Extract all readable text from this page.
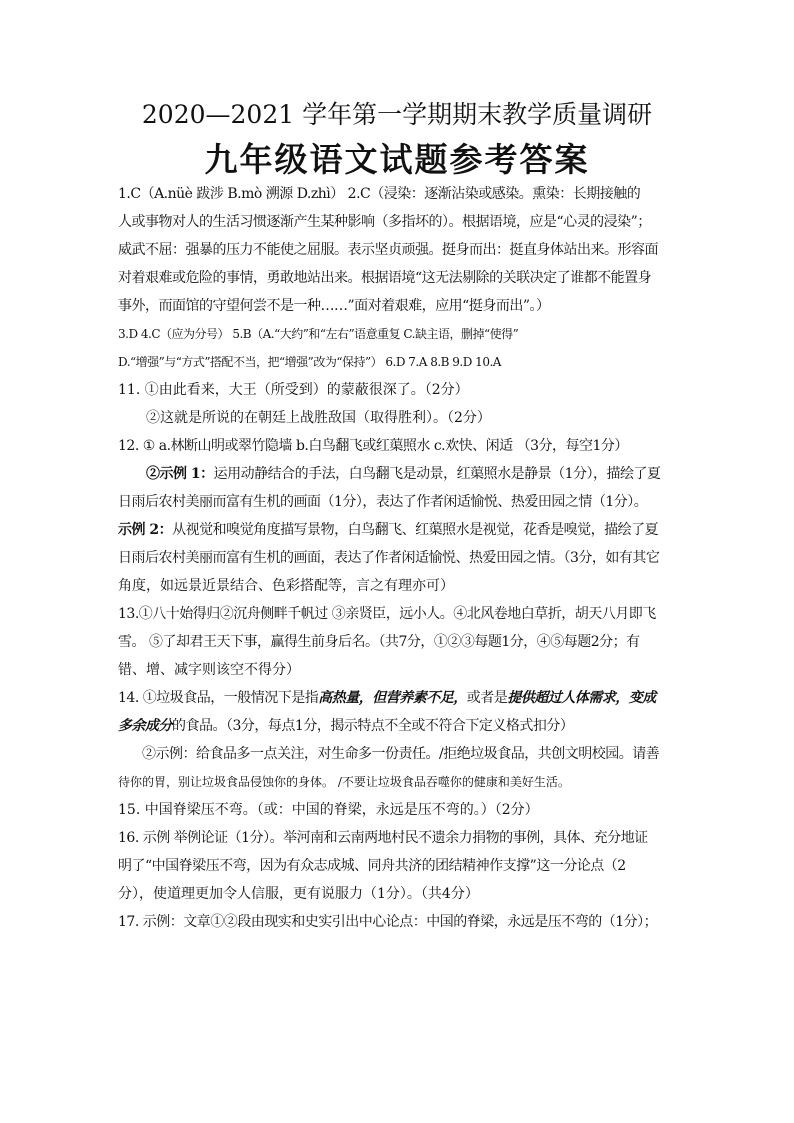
2020—2021 学年第一学期期末教学质量调研
九年级语文试题参考答案
1.C（A.nüè 跋涉 B.mò 溯源 D.zhì） 2.C（浸染：逐渐沾染或感染。熏染：长期接触的
人或事物对人的生活习惯逐渐产生某种影响（多指坏的）。根据语境，应是“心灵的浸染”；
威武不屈：强暴的压力不能使之屈服。表示坚贞顽强。挺身而出：挺直身体站出来。形容面
对着艰难或危险的事情，勇敢地站出来。根据语境“这无法剔除的关联决定了谁都不能置身
事外，而面馆的守望何尝不是一种……”面对着艰难，应用“挺身而出”。）
3.D 4.C（应为分号） 5.B（A.“大约”和“左右”语意重复 C.缺主语，删掉“使得”
D.“增强”与“方式”搭配不当，把“增强”改为“保持”） 6.D 7.A 8.B 9.D 10.A
11. ①由此看来，大王（所受到）的蒙蔽很深了。（2分）
②这就是所说的在朝廷上战胜敌国（取得胜利）。（2分）
12. ① a.林断山明或翠竹隐墙 b.白鸟翻飞或红蕖照水 c.欢快、闲适 （3分，每空1分）
②示例 1：运用动静结合的手法，白鸟翻飞是动景，红蕖照水是静景（1分），描绘了夏
日雨后农村美丽而富有生机的画面（1分），表达了作者闲适愉悦、热爱田园之情（1分）。
示例 2：从视觉和嗅觉角度描写景物，白鸟翻飞、红蕖照水是视觉，花香是嗅觉，描绘了夏
日雨后农村美丽而富有生机的画面，表达了作者闲适愉悦、热爱田园之情。（3分，如有其它
角度，如远景近景结合、色彩搭配等，言之有理亦可）
13.①八十始得归②沉舟侧畔千帆过 ③亲贤臣，远小人。④北风卷地白草折，胡天八月即飞
雪。 ⑤了却君王天下事，赢得生前身后名。（共7分，①②③每题1分，④⑤每题2分；有
错、增、减字则该空不得分）
14. ①垃圾食品，一般情况下是指高热量，但营养素不足，或者是提供超过人体需求，变成
多余成分的食品。（3分，每点1分，揭示特点不全或不符合下定义格式扣分）
②示例：给食品多一点关注，对生命多一份责任。/拒绝垃圾食品，共创文明校园。请善
待你的胃，别让垃圾食品侵蚀你的身体。 /不要让垃圾食品吞噬你的健康和美好生活。
15. 中国脊梁压不弯。（或：中国的脊梁，永远是压不弯的。）（2分）
16. 示例 举例论证（1分）。举河南和云南两地村民不遗余力捐物的事例，具体、充分地证
明了“中国脊梁压不弯，因为有众志成城、同舟共济的团结精神作支撑”这一分论点（2
分），使道理更加令人信服，更有说服力（1分）。（共4分）
17. 示例：文章①②段由现实和史实引出中心论点：中国的脊梁，永远是压不弯的（1分）；
